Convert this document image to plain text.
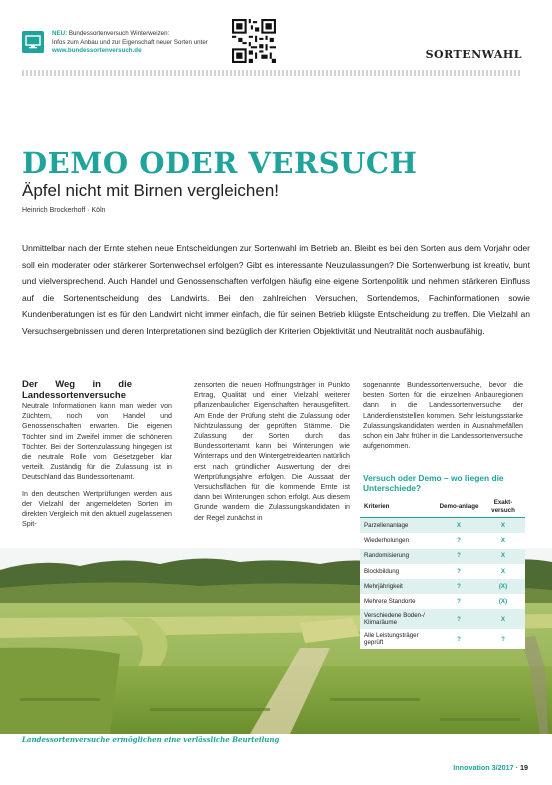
NEU: Bundessortenversuch Winterweizen:
Infos zum Anbau und zur Eigenschaft neuer Sorten unter
www.bundessortenversuch.de	SORTENWAHL
DEMO ODER VERSUCH
Äpfel nicht mit Birnen vergleichen!
Heinrich Brockerhoff · Köln
Unmittelbar nach der Ernte stehen neue Entscheidungen zur Sortenwahl im Betrieb an. Bleibt es bei den Sorten aus dem Vorjahr oder soll ein moderater oder stärkerer Sortenwechsel erfolgen? Gibt es interessante Neuzulassungen? Die Sortenwerbung ist kreativ, bunt und vielversprechend. Auch Handel und Genossenschaften verfolgen häufig eine eigene Sortenpolitik und nehmen stärkeren Einfluss auf die Sortenentscheidung des Landwirts. Bei den zahlreichen Versuchen, Sortendemos, Fachinformationen sowie Kundenberatungen ist es für den Landwirt nicht immer einfach, die für seinen Betrieb klügste Entscheidung zu treffen. Die Vielzahl an Versuchsergebnissen und deren Interpretationen sind bezüglich der Kriterien Objektivität und Neutralität noch ausbaufähig.
Der Weg in die Landessortenversuche

Neutrale Informationen kann man weder von Züchtern, noch von Handel und Genossenschaften erwarten. Die eigenen Töchter sind im Zweifel immer die schöneren Töchter. Bei der Sortenzulassung hingegen ist die neutrale Rolle vom Gesetzgeber klar verteilt. Zuständig für die Zulassung ist in Deutschland das Bundessortenamt.

In den deutschen Wertprüfungen werden aus der Vielzahl der angemeldeten Sorten im direkten Vergleich mit den aktuell zugelassenen Spit-

zensorten die neuen Hoffnungsträger in Punkto Ertrag, Qualität und einer Vielzahl weiterer pflanzenbaulicher Eigenschaften herausgefiltert. Am Ende der Prüfung steht die Zulassung oder Nichtzulassung der geprüften Stämme. Die Zulassung der Sorten durch das Bundessortenamt kann bei Winterungen wie Winterraps und den Wintergetreidearten natürlich erst nach gründlicher Auswertung der drei Wertprüfungsjahre erfolgen. Die Aussaat der Versuchsflächen für die kommende Ernte ist dann bei Winterungen schon erfolgt. Aus diesem Grunde wandern die Zulassungskandidaten in der Regel zunächst in

sogenannte Bundessortenversuche, bevor die besten Sorten für die einzelnen Anbauregionen dann in die Landessortenversuche der Länderdienststellen kommen. Sehr leistungsstarke Zulassungskandidaten werden in Ausnahmefällen schon ein Jahr früher in die Landessortenversuche aufgenommen.

Versuch oder Demo – wo liegen die Unterschiede?
Landessortenversuche ermöglichen eine verlässliche Beurteilung
Kriterien	Demo-anlage	Exakt-versuch
Parzellenanlage	X	X
Wiederholungen	?	X
Randomisierung	?	X
Blockbildung	?	X
Mehrjährigkeit	?	(X)
Mehrere Standorte	?	(X)
Verschiedene Boden-/ Klimaräume	?	X
Alle Leistungsträger geprüft	?	?
Innovation 3/2017 · 19
